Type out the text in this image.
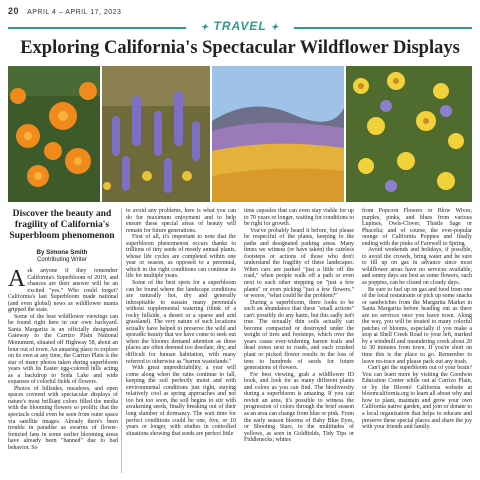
20 APRIL 4 – APRIL 17, 2023
✦ TRAVEL ✦
Exploring California's Spectacular Wildflower Displays
Discover the beauty and fragility of California's Superbloom phenomenon
By Simone Smith
Contributing Writer

Ask anyone if they remember California's Superbloom of 2019, and chances are their answer will be an excited "yes." Who could forget? California's last Superbloom made national (and even global) news as wildflower mania gripped the state.

Some of the best wildflower viewings can be found right here in our own backyard. Santa Margarita is an officially designated Gateway to the Carrizo Plain National Monument, situated off Highway 58, about an hour out of town. An amazing place to explore on its own at any time, the Carrizo Plain is the star of many photos taken during superbloom years with its Easter egg-colored hills acting as a backdrop to Soda Lake and wide expanses of colorful fields of flowers.

Photos of hillsides, meadows, and open spaces covered with spectacular displays of nature's most brilliant colors filled the media with the blooming flowers so prolific that the spectacle could even be seen from outer space via satellite images. Already there's been trouble in paradise as swarms of flower-frenzied fans in some earlier blooming areas have already been "banned" due to bad behavior. So

to avoid any problems, here is what you can do for maximum enjoyment and to help ensure these special areas of beauty will remain for future generations.

First of all, it's important to note that the superbloom phenomenon occurs thanks to trillions of tiny seeds of mostly annual plants, whose life cycles are completed within one year or season, as opposed to a perennial, which in the right conditions can continue its life for multiple years.

Some of the best spots for a superbloom can be found where the landscape conditions are naturally hot, dry and generally inhospitable to sustain many perennials without supplemental watering (think of a rocky hillside, a desert or a sparse and arid grassland). The very nature of such locations actually have helped to preserve the wild and sporadic beauty that we have come to seek out when the blooms demand attention as these places are often deemed too desolate, dry, and difficult for human habitation, with many referred to otherwise as "barren wastelands."

With great unpredictability, a year will come along when the rains continue to fall, keeping the soil perfectly moist and with environmental conditions just right, staying relatively cool as spring approaches and not too hot too soon, the soil begins to stir with awakening seeds, finally breaking out of their long slumber of dormancy. The wait time for perfect conditions could be one, five, or 10 years or longer, with studies in controlled situations showing that seeds are perfect little

time capsules that can even stay viable for up to 70 years or longer, waiting for conditions to be right for growth.

You've probably heard it before, but please be respectful of the plants, keeping to the paths and designated parking areas. Many times we witness (or have taken) the careless footsteps or actions of those who don't understand the fragility of these landscapes. When cars are parked "just a little off the road," when people walk off a path or even next to each other stepping on "just a few plants" or even picking "just a few flowers," or worse, "what could be the problem?"

During a superbloom, there looks to be such an abundance that these "small actions" can't possibly do any harm, but this sadly isn't true. The sexually thin soils actually can become compacted or destroyed under the weight of tires and footsteps, which over the years cause ever-widening barren trails and dead zones next to roads, and each crushed plant or picked flower results in the loss of tens to hundreds of seeds for future generations of flowers.

For best viewing, grab a wildflower ID book, and look for as many different plants and colors as you can find. The biodiversity during a superbloom is amazing. If you can revisit an area, it's possible to witness the progression of colors through the brief season as an area can change from blue or pink. From the early season blooms of Baby Blue Eyes, or Shooting Stars, to the multitudes of yellows, as seen in Goldfields, Tidy Tips or Fiddlenecks; whites

from Popcorn Flowers or Blow Wives; purples, pinks, and blues from various Lupines, Owls-Clover, Thistle Sage or Phacelia; and of course, the ever-popular orange of California Poppies and finally ending with the pinks of Farewell to Spring.

Avoid weekends and holidays, if possible, to avoid the crowds, bring water and be sure to fill up on gas in advance since most wildflower areas have no services available, and sunny days are best as some flowers, such as poppies, can be closed on cloudy days.

Be sure to fuel up on gas and food from one of the local restaurants or pick up some snacks or sandwiches from the Margarita Market in Santa Margarita before heading out as there are no services once you leave town. Along the way, you will be treated to many colorful patches of blooms, especially if you make a stop at Shell Creek Road to your left, marked by a windmill and meandering creek about 20 to 30 minutes from town. If you're short on time this is the place to go. Remember to leave no-trace and please pack out any trash.

Can't get the superbloom out of your brain? You can learn more by visiting the Goodwin Education Center while out at Carrizo Plain, or by the Bloom! California website at bloomcalifornia.org to learn all about why and how to plant, maintain and grow your own California native garden, and join or donate to a local organization that helps to educate and preserve these special places and share the joy with your friends and family.
